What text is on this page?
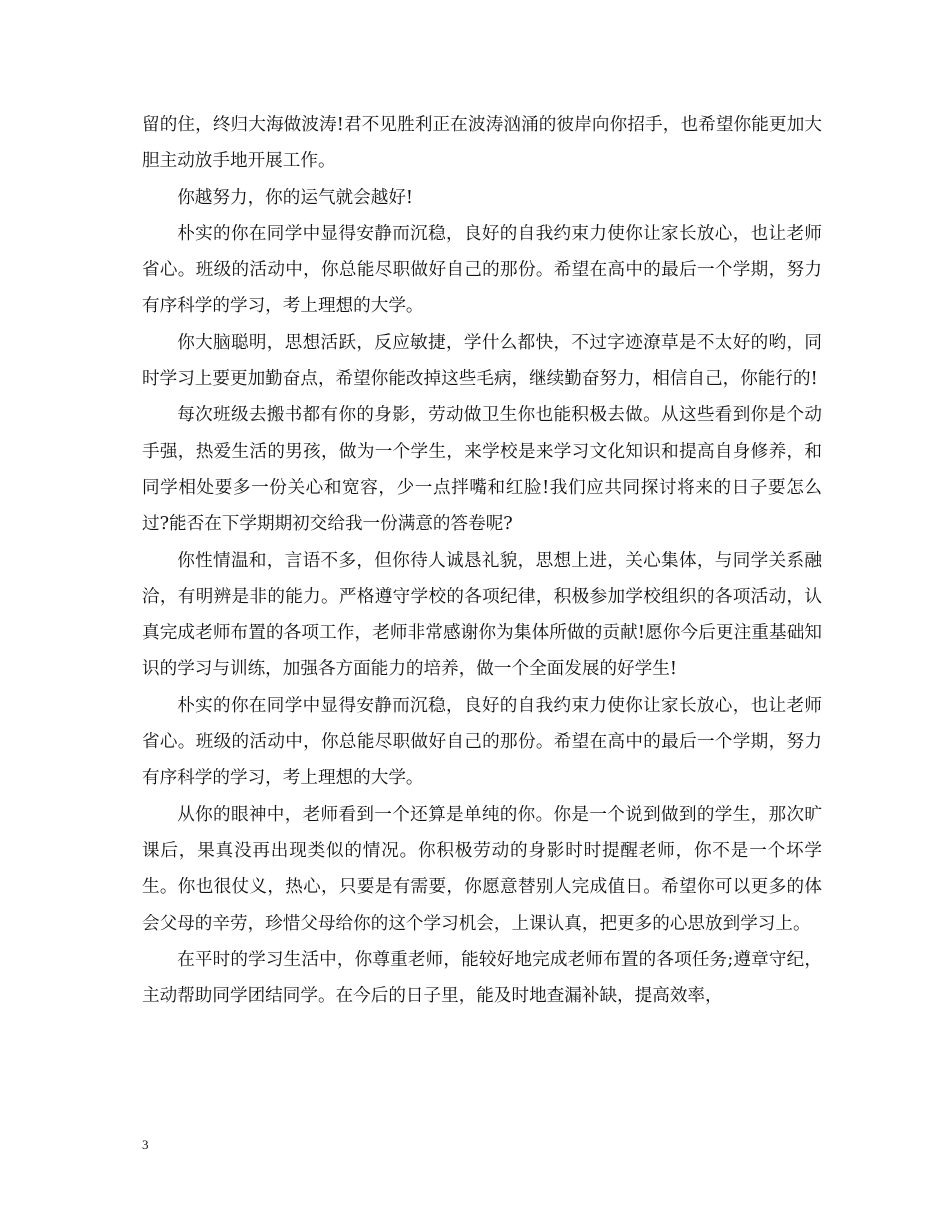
留的住，终归大海做波涛!君不见胜利正在波涛汹涌的彼岸向你招手，也希望你能更加大胆主动放手地开展工作。

你越努力，你的运气就会越好!

朴实的你在同学中显得安静而沉稳，良好的自我约束力使你让家长放心，也让老师省心。班级的活动中，你总能尽职做好自己的那份。希望在高中的最后一个学期，努力有序科学的学习，考上理想的大学。

你大脑聪明，思想活跃，反应敏捷，学什么都快，不过字迹潦草是不太好的哟，同时学习上要更加勤奋点，希望你能改掉这些毛病，继续勤奋努力，相信自己，你能行的!

每次班级去搬书都有你的身影，劳动做卫生你也能积极去做。从这些看到你是个动手强，热爱生活的男孩，做为一个学生，来学校是来学习文化知识和提高自身修养，和同学相处要多一份关心和宽容，少一点拌嘴和红脸!我们应共同探讨将来的日子要怎么过?能否在下学期期初交给我一份满意的答卷呢?

你性情温和，言语不多，但你待人诚恳礼貌，思想上进，关心集体，与同学关系融洽，有明辨是非的能力。严格遵守学校的各项纪律，积极参加学校组织的各项活动，认真完成老师布置的各项工作，老师非常感谢你为集体所做的贡献!愿你今后更注重基础知识的学习与训练，加强各方面能力的培养，做一个全面发展的好学生!

朴实的你在同学中显得安静而沉稳，良好的自我约束力使你让家长放心，也让老师省心。班级的活动中，你总能尽职做好自己的那份。希望在高中的最后一个学期，努力有序科学的学习，考上理想的大学。

从你的眼神中，老师看到一个还算是单纯的你。你是一个说到做到的学生，那次旷课后，果真没再出现类似的情况。你积极劳动的身影时时提醒老师，你不是一个坏学生。你也很仗义，热心，只要是有需要，你愿意替别人完成值日。希望你可以更多的体会父母的辛劳，珍惜父母给你的这个学习机会，上课认真，把更多的心思放到学习上。

在平时的学习生活中，你尊重老师，能较好地完成老师布置的各项任务;遵章守纪，主动帮助同学团结同学。在今后的日子里，能及时地查漏补缺，提高效率，

3
